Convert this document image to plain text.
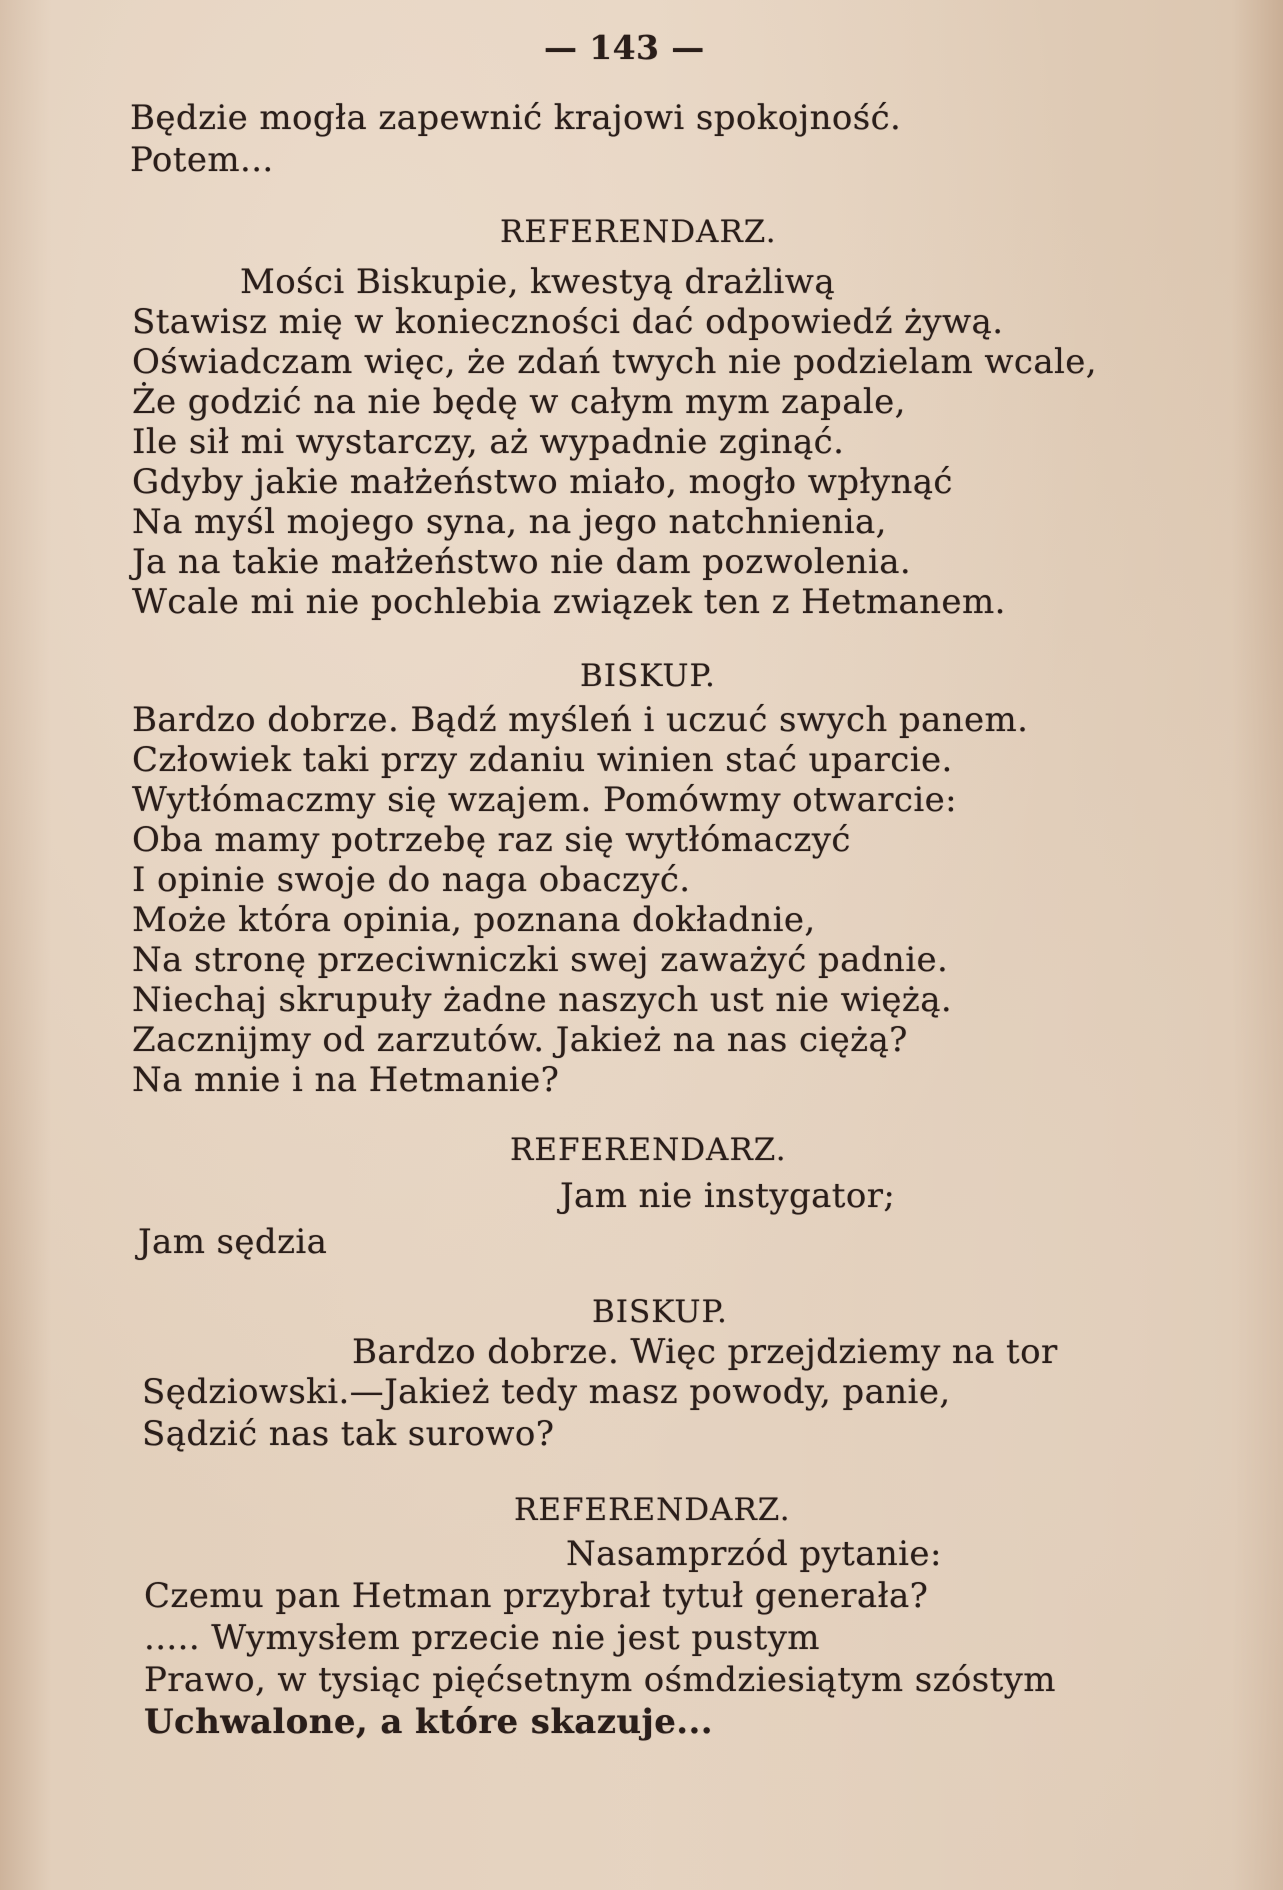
— 143 —
Będzie mogła zapewnić krajowi spokojność.
Potem...
REFERENDARZ.
Mości Biskupie, kwestyą drażliwą
Stawisz mię w konieczności dać odpowiedź żywą.
Oświadczam więc, że zdań twych nie podzielam wcale,
Że godzić na nie będę w całym mym zapale,
Ile sił mi wystarczy, aż wypadnie zginąć.
Gdyby jakie małżeństwo miało, mogło wpłynąć
Na myśl mojego syna, na jego natchnienia,
Ja na takie małżeństwo nie dam pozwolenia.
Wcale mi nie pochlebia związek ten z Hetmanem.
BISKUP.
Bardzo dobrze. Bądź myśleń i uczuć swych panem.
Człowiek taki przy zdaniu winien stać uparcie.
Wytłómaczmy się wzajem. Pomówmy otwarcie:
Oba mamy potrzebę raz się wytłómaczyć
I opinie swoje do naga obaczyć.
Może która opinia, poznana dokładnie,
Na stronę przeciwniczki swej zaważyć padnie.
Niechaj skrupuły żadne naszych ust nie więżą.
Zacznijmy od zarzutów. Jakież na nas ciężą?
Na mnie i na Hetmanie?
REFERENDARZ.
Jam nie instygator;
Jam sędzia
BISKUP.
Bardzo dobrze. Więc przejdziemy na tor
Sędziowski.—Jakież tedy masz powody, panie,
Sądzić nas tak surowo?
REFERENDARZ.
Nasamprzód pytanie:
Czemu pan Hetman przybrał tytuł generała?
..... Wymysłem przecie nie jest pustym
Prawo, w tysiąc pięćsetnym ośmdziesiątym szóstym
Uchwalone, a które skazuje...
